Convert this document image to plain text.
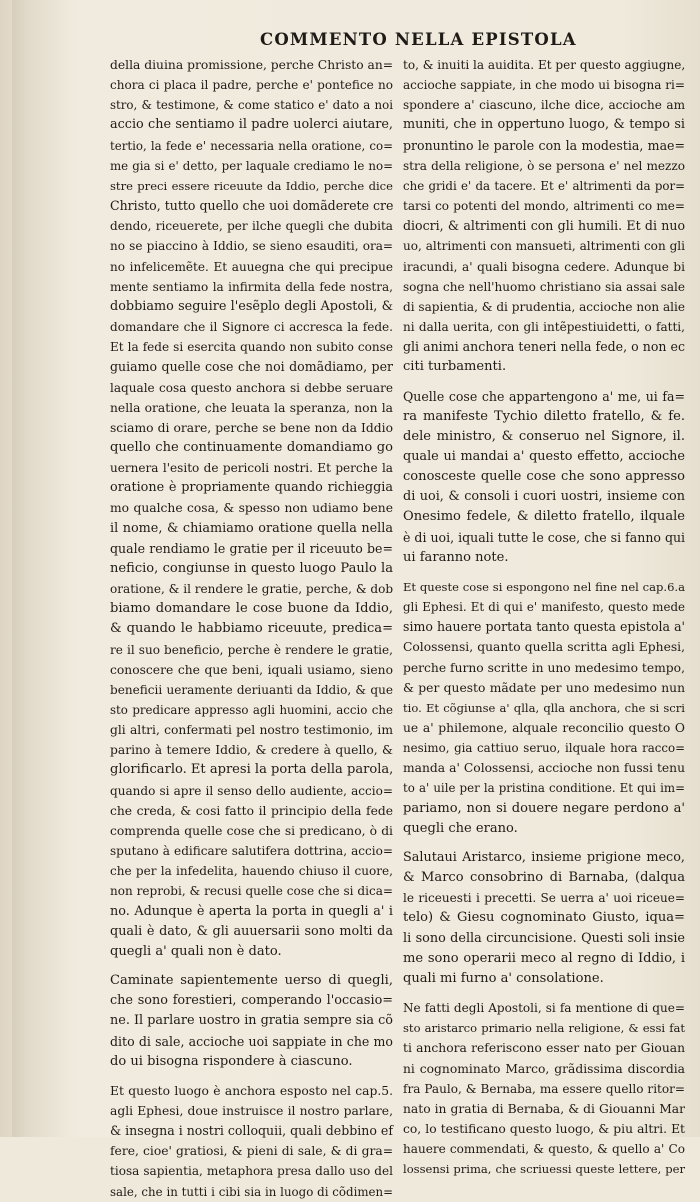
COMMENTO NELLA EPISTOLA
della diuina promissione, perche Christo an=
chora ci placa il padre, perche e' pontefice no
stro, & testimone, & come statico e' dato a noi
accio che sentiamo il padre uolerci aiutare,
tertio, la fede e' necessaria nella oratione, co=
me gia si e' detto, per laquale crediamo le no=
stre preci essere riceuute da Iddio, perche dice
Christo, tutto quello che uoi domãderete cre
dendo, riceuerete, per ilche quegli che dubita
no se piaccino à Iddio, se sieno esauditi, ora=
no infelicemẽte. Et auuegna che qui precipue
mente sentiamo la infirmita della fede nostra,
dobbiamo seguire l'esẽplo degli Apostoli, &
domandare che il Signore ci accresca la fede.
Et la fede si esercita quando non subito conse
guiamo quelle cose che noi domãdiamo, per
laquale cosa questo anchora si debbe seruare
nella oratione, che leuata la speranza, non la
sciamo di orare, perche se bene non da Iddio
quello che continuamente domandiamo go
uernera l'esito de pericoli nostri. Et perche la
oratione è propriamente quando richieggia
mo qualche cosa, & spesso non udiamo bene
il nome, & chiamiamo oratione quella nella
quale rendiamo le gratie per il riceuuto be=
neficio, congiunse in questo luogo Paulo la
oratione, & il rendere le gratie, perche, & dob
biamo domandare le cose buone da Iddio,
& quando le habbiamo riceuute, predica=
re il suo beneficio, perche è rendere le gratie,
conoscere che que beni, iquali usiamo, sieno
beneficii ueramente deriuanti da Iddio, & que
sto predicare appresso agli huomini, accio che
gli altri, confermati pel nostro testimonio, im
parino à temere Iddio, & credere à quello, &
glorificarlo. Et apresi la porta della parola,
quando si apre il senso dello audiente, accio=
che creda, & cosi fatto il principio della fede
comprenda quelle cose che si predicano, ò di
sputano à edificare salutifera dottrina, accio=
che per la infedelita, hauendo chiuso il cuore,
non reprobi, & recusi quelle cose che si dica=
no. Adunque è aperta la porta in quegli a' i
quali è dato, & gli auuersarii sono molti da
quegli a' quali non è dato.
Caminate sapientemente uerso di quegli,
che sono forestieri, comperando l'occasio=
ne. Il parlare uostro in gratia sempre sia cõ
dito di sale, accioche uoi sappiate in che mo
do ui bisogna rispondere à ciascuno.
Et questo luogo è anchora esposto nel cap.5.
agli Ephesi, doue instruisce il nostro parlare,
& insegna i nostri colloquii, quali debbino ef
fere, cioe' gratiosi, & pieni di sale, & di gra=
tiosa sapientia, metaphora presa dallo uso del
sale, che in tutti i cibi sia in luogo di cõdimen=
to, & inuiti la auidita. Et per questo aggiugne,
accioche sappiate, in che modo ui bisogna ri=
spondere a' ciascuno, ilche dice, accioche am
muniti, che in oppertuno luogo, & tempo si
pronuntino le parole con la modestia, mae=
stra della religione, ò se persona e' nel mezzo
che gridi e' da tacere. Et e' altrimenti da por=
tarsi co potenti del mondo, altrimenti co me=
diocri, & altrimenti con gli humili. Et di nuo
uo, altrimenti con mansueti, altrimenti con gli
iracundi, a' quali bisogna cedere. Adunque bi
sogna che nell'huomo christiano sia assai sale
di sapientia, & di prudentia, accioche non alie
ni dalla uerita, con gli intẽpestiuidetti, o fatti,
gli animi anchora teneri nella fede, o non ec
citi turbamenti.
Quelle cose che appartengono a' me, ui fa=
ra manifeste Tychio diletto fratello, & fe.
dele ministro, & conseruo nel Signore, il.
quale ui mandai a' questo effetto, accioche
conosceste quelle cose che sono appresso
di uoi, & consoli i cuori uostri, insieme con
Onesimo fedele, & diletto fratello, ilquale
è di uoi, iquali tutte le cose, che si fanno qui
ui faranno note.
Et queste cose si espongono nel fine nel cap.6.a
gli Ephesi. Et di qui e' manifesto, questo mede
simo hauere portata tanto questa epistola a'
Colossensi, quanto quella scritta agli Ephesi,
perche furno scritte in uno medesimo tempo,
& per questo mãdate per uno medesimo nun
tio. Et cõgiunse a' qlla, qlla anchora, che si scri
ue a' philemone, alquale reconcilio questo O
nesimo, gia cattiuo seruo, ilquale hora racco=
manda a' Colossensi, accioche non fussi tenu
to a' uile per la pristina conditione. Et qui im=
pariamo, non si douere negare perdono a'
quegli che erano.
Salutaui Aristarco, insieme prigione meco,
& Marco consobrino di Barnaba, (dalqua
le riceuesti i precetti. Se uerra a' uoi riceue=
telo) & Giesu cognominato Giusto, iqua=
li sono della circuncisione. Questi soli insie
me sono operarii meco al regno di Iddio, i
quali mi furno a' consolatione.
Ne fatti degli Apostoli, si fa mentione di que=
sto aristarco primario nella religione, & essi fat
ti anchora referiscono esser nato per Giouan
ni cognominato Marco, grãdissima discordia
fra Paulo, & Bernaba, ma essere quello ritor=
nato in gratia di Bernaba, & di Giouanni Mar
co, lo testificano questo luogo, & piu altri. Et
hauere commendati, & questo, & quello a' Co
lossensi prima, che scriuessi queste lettere, per
